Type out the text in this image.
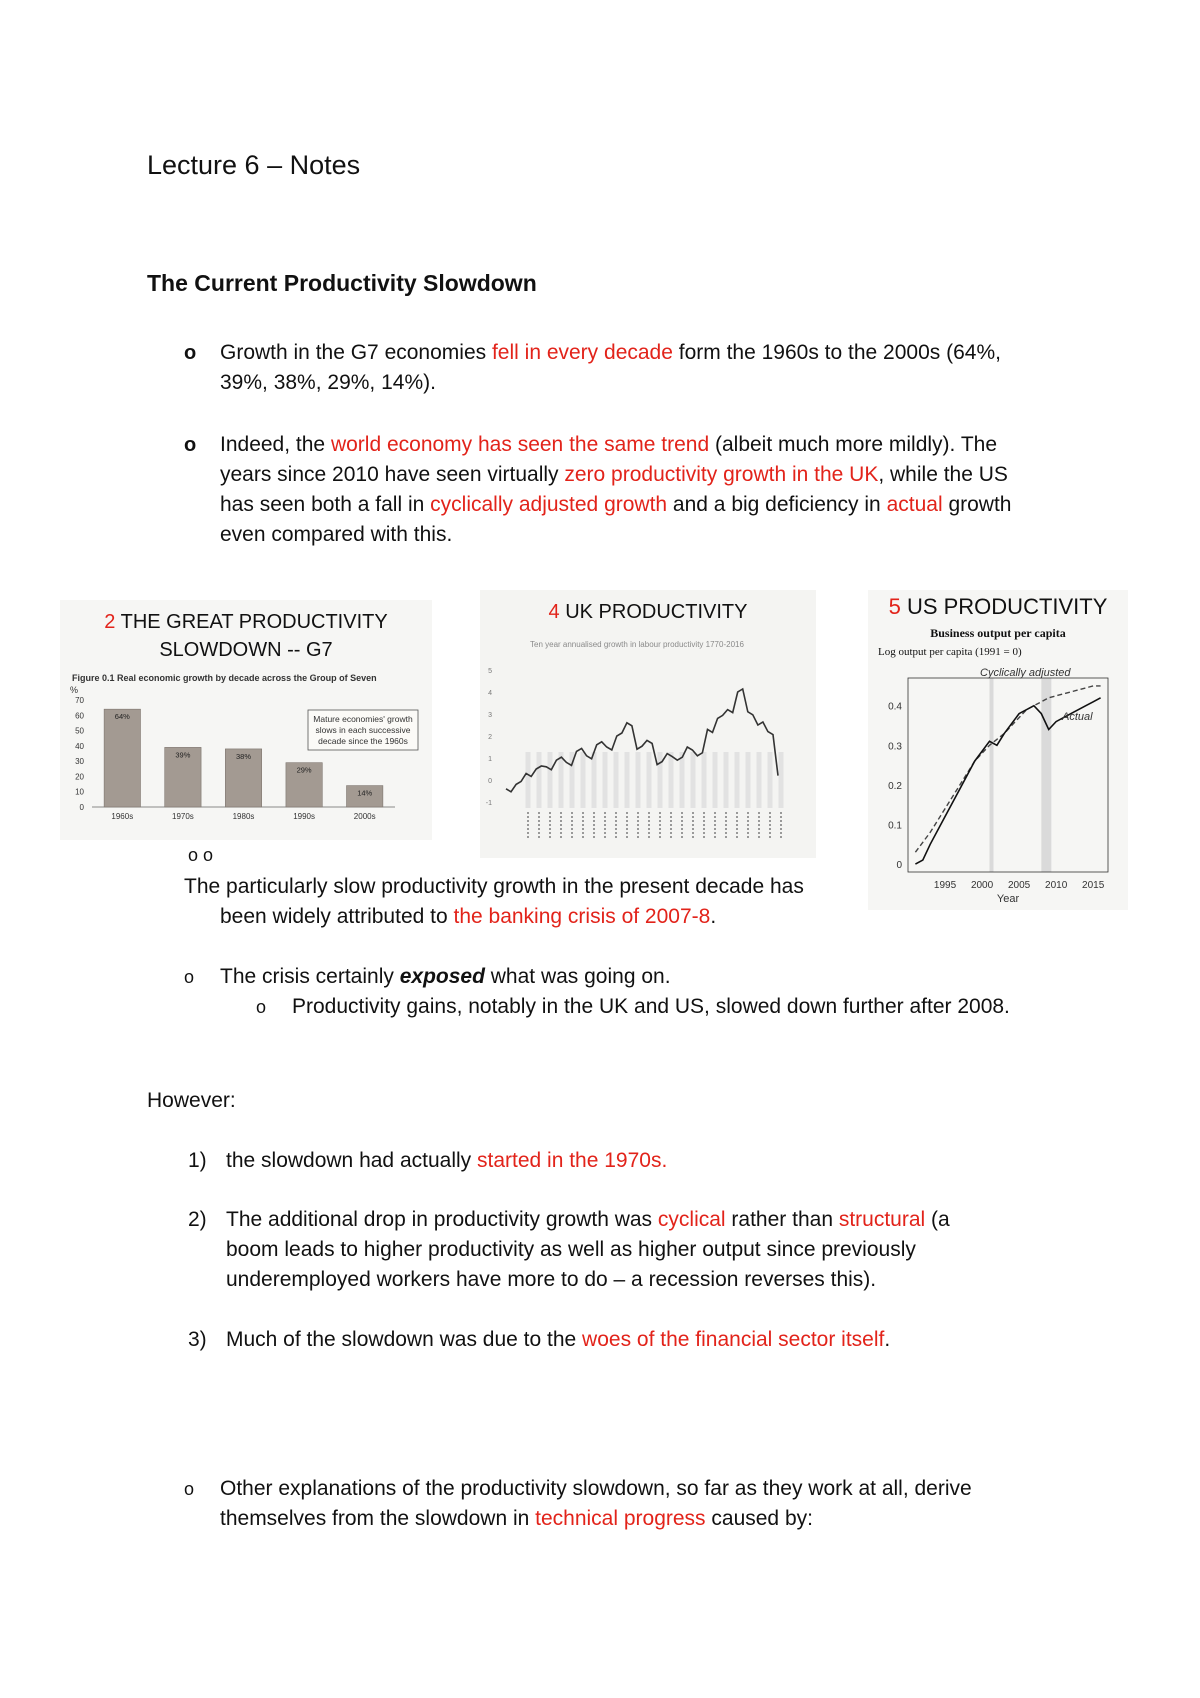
Lecture 6 – Notes
The Current Productivity Slowdown
o Growth in the G7 economies fell in every decade form the 1960s to the 2000s (64%,
39%, 38%, 29%, 14%).
o Indeed, the world economy has seen the same trend (albeit much more mildly). The
years since 2010 have seen virtually zero productivity growth in the UK, while the US
has seen both a fall in cyclically adjusted growth and a big deficiency in actual growth
even compared with this.
2 THE GREAT PRODUCTIVITY
SLOWDOWN -- G7
Figure 0.1 Real economic growth by decade across the Group of Seven
%
0
10
20
30
40
50
60
70
64%
39%	38%
29%
14%
1960s	1970s	1980s	1990s	2000s
Mature economies' growth
slows in each successive
decade since the 1960s
4 UK PRODUCTIVITY
Ten year annualised growth in labour productivity 1770-2016
-1
0
1
2
3
4
5
5 US PRODUCTIVITY
Business output per capita
Log output per capita (1991 = 0)
0
0.1
0.2
0.3
0.4
1995 2000 2005 2010 2015
Cyclically adjusted
Actual
Year
o o
The particularly slow productivity growth in the present decade has
been widely attributed to the banking crisis of 2007-8.
o The crisis certainly exposed what was going on.
o Productivity gains, notably in the UK and US, slowed down further after 2008.
However:
1) the slowdown had actually started in the 1970s.
2) The additional drop in productivity growth was cyclical rather than structural (a
boom leads to higher productivity as well as higher output since previously
underemployed workers have more to do – a recession reverses this).
3) Much of the slowdown was due to the woes of the financial sector itself.
o Other explanations of the productivity slowdown, so far as they work at all, derive
themselves from the slowdown in technical progress caused by:
